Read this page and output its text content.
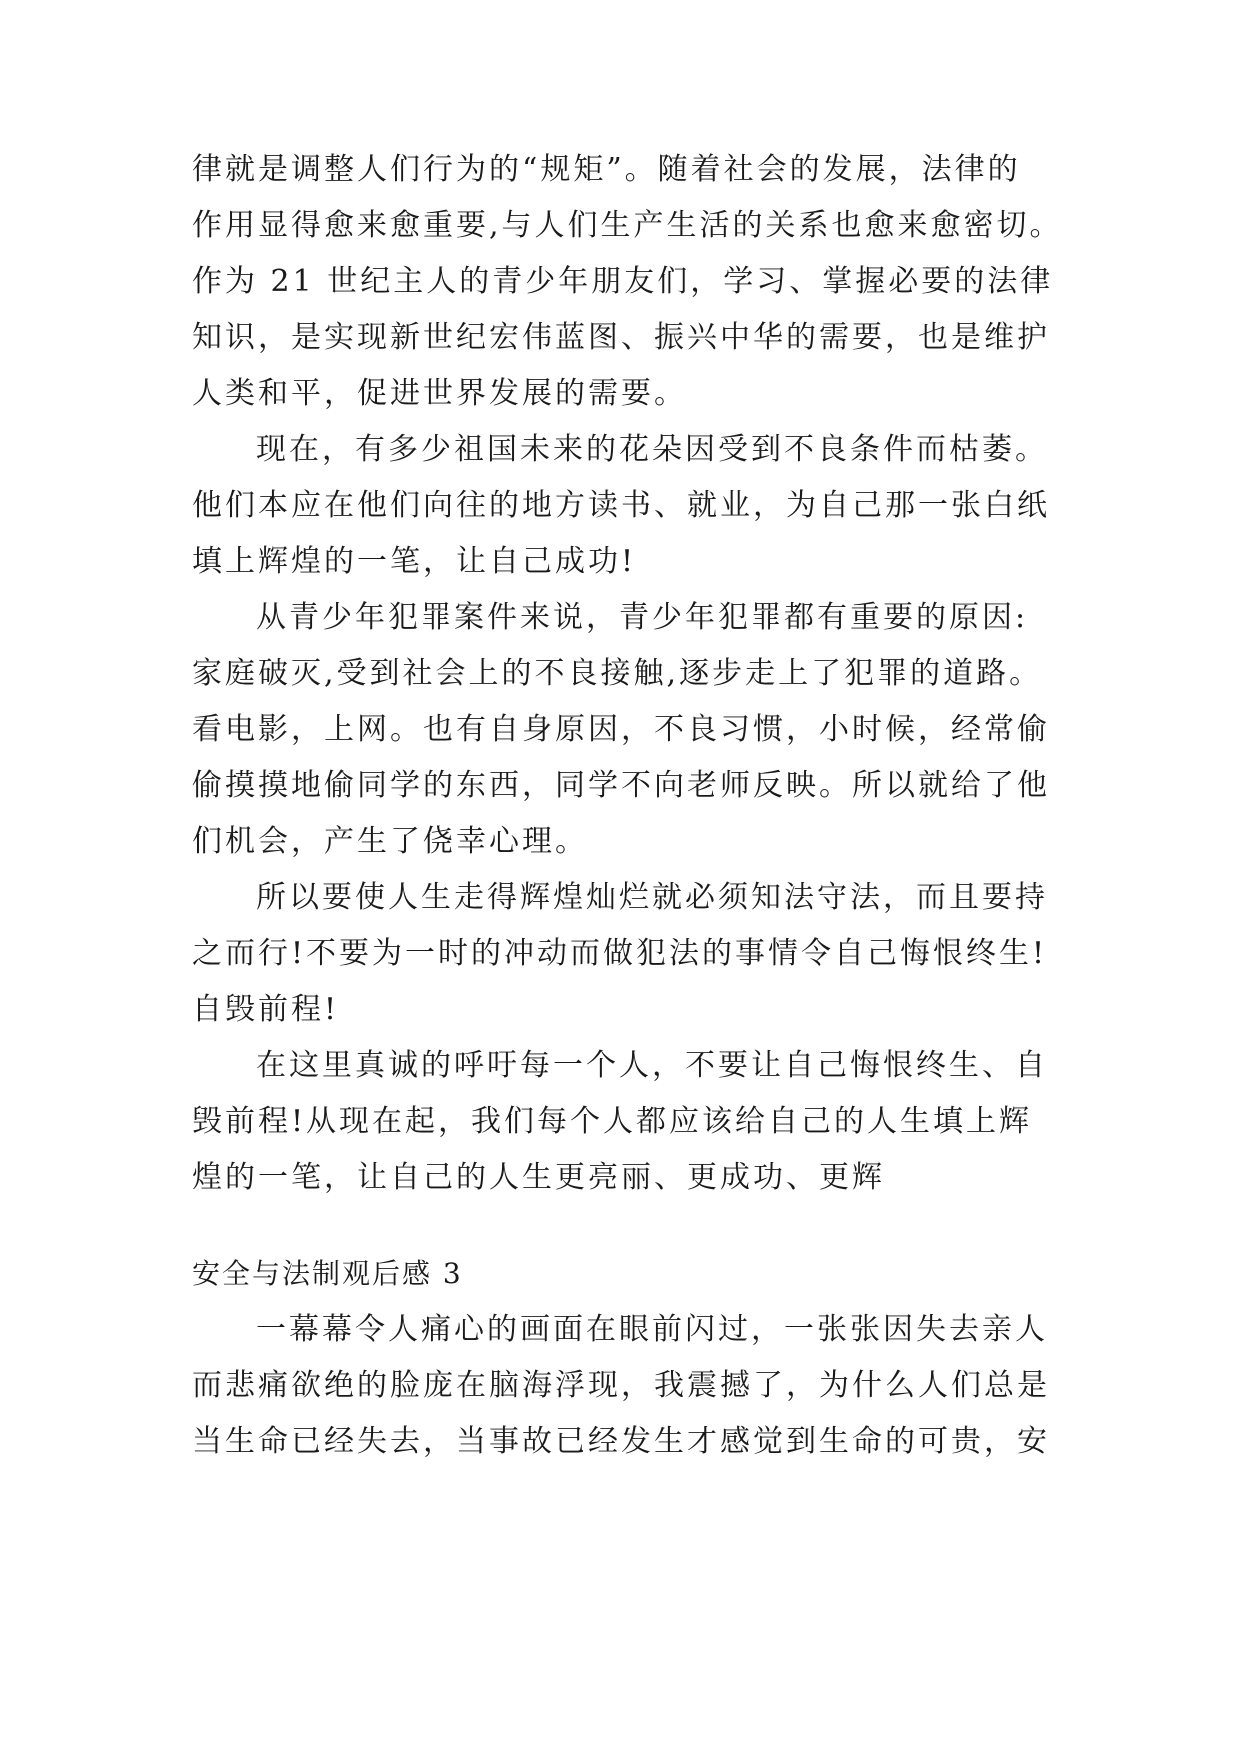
律就是调整人们行为的“规矩”。随着社会的发展，法律的
作用显得愈来愈重要,与人们生产生活的关系也愈来愈密切。
作为 21 世纪主人的青少年朋友们，学习、掌握必要的法律
知识，是实现新世纪宏伟蓝图、振兴中华的需要，也是维护
人类和平，促进世界发展的需要。
现在，有多少祖国未来的花朵因受到不良条件而枯萎。
他们本应在他们向往的地方读书、就业，为自己那一张白纸
填上辉煌的一笔，让自己成功!
从青少年犯罪案件来说，青少年犯罪都有重要的原因:
家庭破灭,受到社会上的不良接触,逐步走上了犯罪的道路。
看电影，上网。也有自身原因，不良习惯，小时候，经常偷
偷摸摸地偷同学的东西，同学不向老师反映。所以就给了他
们机会，产生了侥幸心理。
所以要使人生走得辉煌灿烂就必须知法守法，而且要持
之而行!不要为一时的冲动而做犯法的事情令自己悔恨终生!
自毁前程!
在这里真诚的呼吁每一个人，不要让自己悔恨终生、自
毁前程!从现在起，我们每个人都应该给自己的人生填上辉
煌的一笔，让自己的人生更亮丽、更成功、更辉
安全与法制观后感 3
一幕幕令人痛心的画面在眼前闪过，一张张因失去亲人
而悲痛欲绝的脸庞在脑海浮现，我震撼了，为什么人们总是
当生命已经失去，当事故已经发生才感觉到生命的可贵，安
